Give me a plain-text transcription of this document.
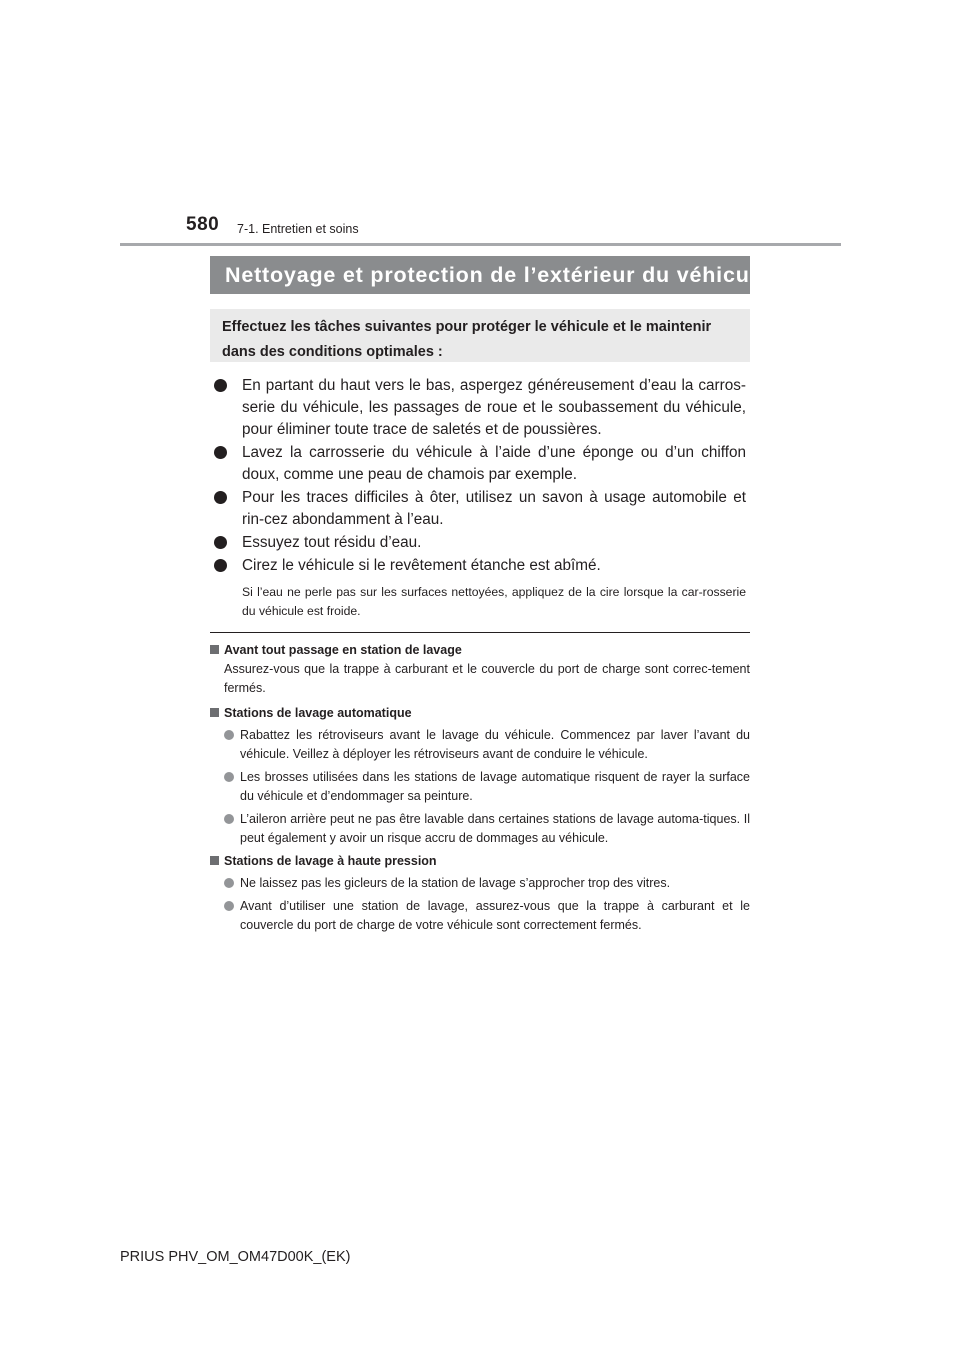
580 7-1. Entretien et soins
Nettoyage et protection de l’extérieur du véhicule
Effectuez les tâches suivantes pour protéger le véhicule et le maintenir dans des conditions optimales :
En partant du haut vers le bas, aspergez généreusement d’eau la carros-serie du véhicule, les passages de roue et le soubassement du véhicule, pour éliminer toute trace de saletés et de poussières.
Lavez la carrosserie du véhicule à l’aide d’une éponge ou d’un chiffon doux, comme une peau de chamois par exemple.
Pour les traces difficiles à ôter, utilisez un savon à usage automobile et rin-cez abondamment à l’eau.
Essuyez tout résidu d’eau.
Cirez le véhicule si le revêtement étanche est abîmé.
Si l’eau ne perle pas sur les surfaces nettoyées, appliquez de la cire lorsque la car-rosserie du véhicule est froide.
Avant tout passage en station de lavage
Assurez-vous que la trappe à carburant et le couvercle du port de charge sont correc-tement fermés.
Stations de lavage automatique
Rabattez les rétroviseurs avant le lavage du véhicule. Commencez par laver l’avant du véhicule. Veillez à déployer les rétroviseurs avant de conduire le véhicule.
Les brosses utilisées dans les stations de lavage automatique risquent de rayer la surface du véhicule et d’endommager sa peinture.
L’aileron arrière peut ne pas être lavable dans certaines stations de lavage automa-tiques. Il peut également y avoir un risque accru de dommages au véhicule.
Stations de lavage à haute pression
Ne laissez pas les gicleurs de la station de lavage s’approcher trop des vitres.
Avant d’utiliser une station de lavage, assurez-vous que la trappe à carburant et le couvercle du port de charge de votre véhicule sont correctement fermés.
PRIUS PHV_OM_OM47D00K_(EK)
